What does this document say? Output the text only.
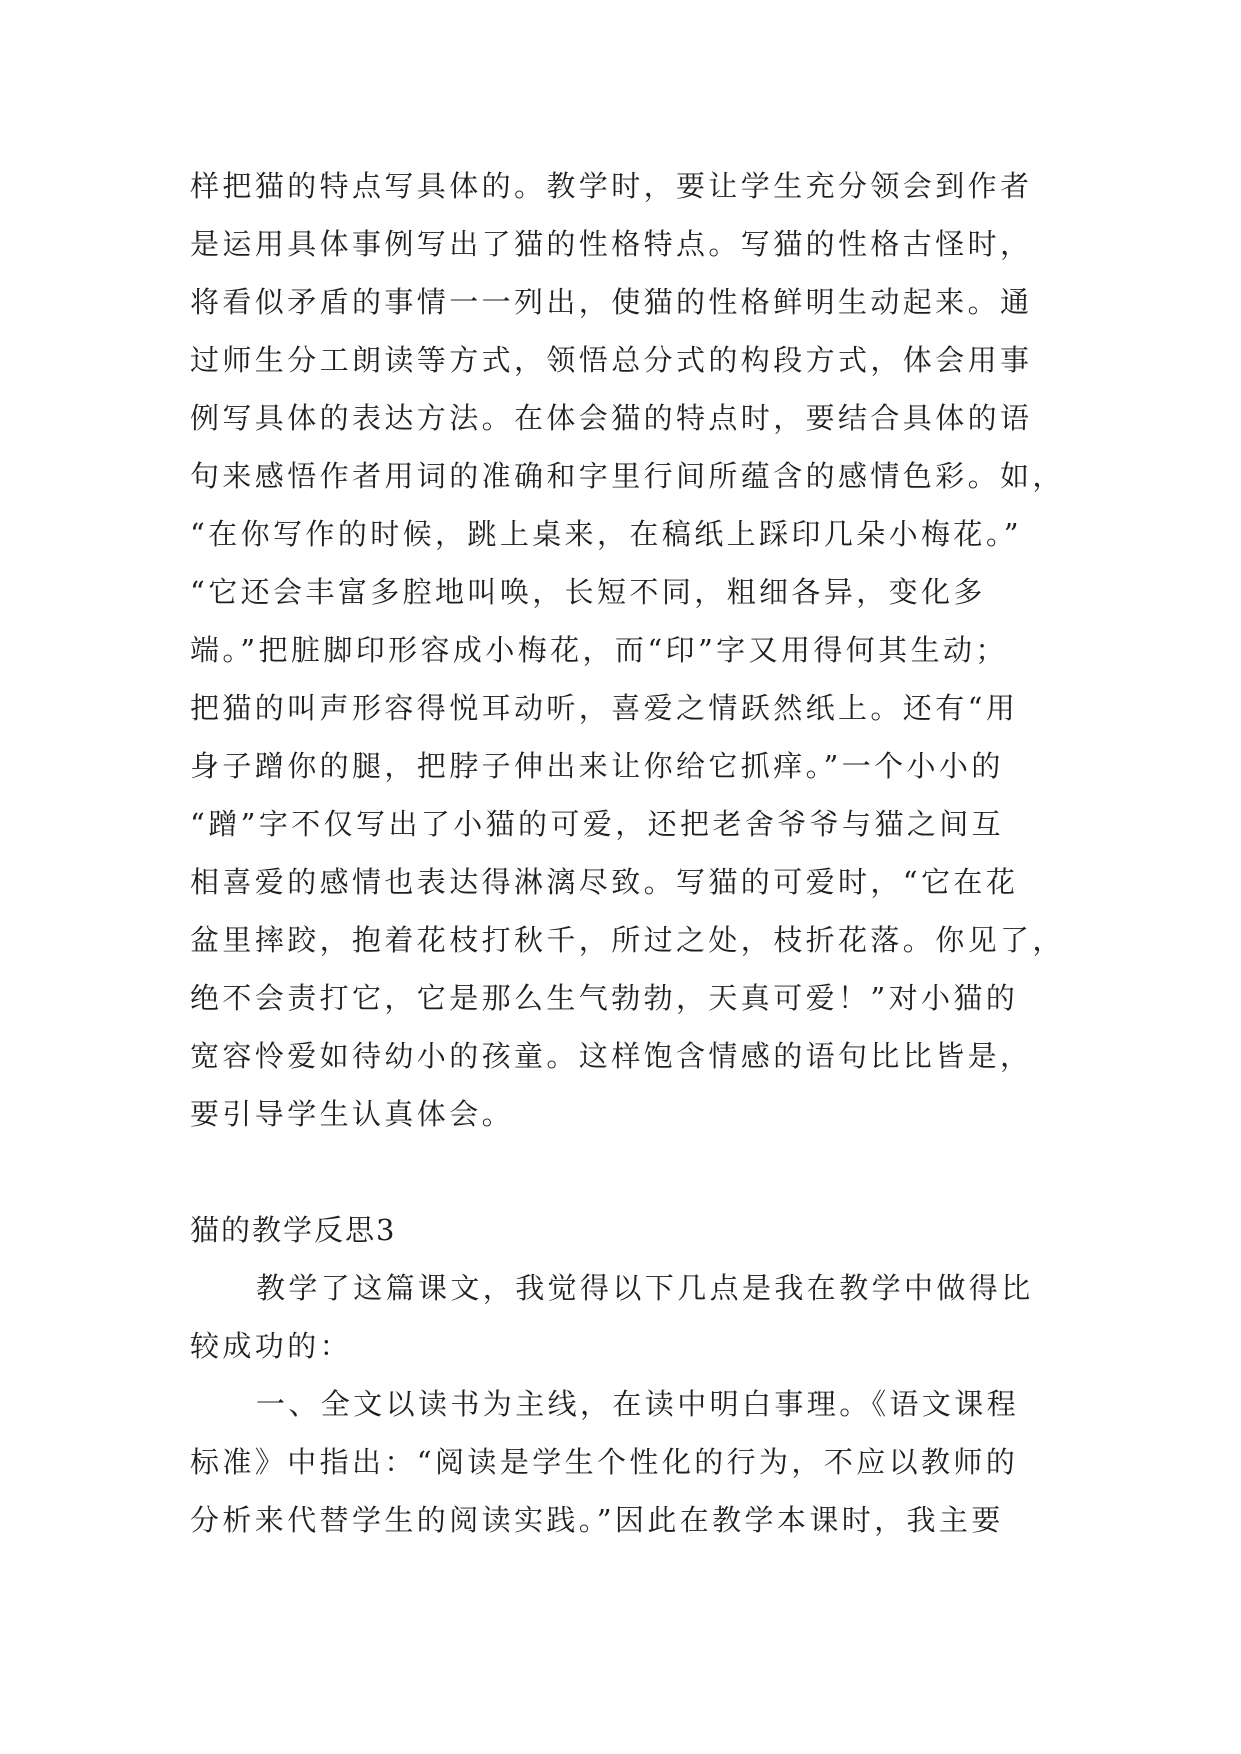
样把猫的特点写具体的。教学时，要让学生充分领会到作者
是运用具体事例写出了猫的性格特点。写猫的性格古怪时，
将看似矛盾的事情一一列出，使猫的性格鲜明生动起来。通
过师生分工朗读等方式，领悟总分式的构段方式，体会用事
例写具体的表达方法。在体会猫的特点时，要结合具体的语
句来感悟作者用词的准确和字里行间所蕴含的感情色彩。如，
“在你写作的时候，跳上桌来，在稿纸上踩印几朵小梅花。”
“它还会丰富多腔地叫唤，长短不同，粗细各异，变化多
端。”把脏脚印形容成小梅花，而“印”字又用得何其生动；
把猫的叫声形容得悦耳动听，喜爱之情跃然纸上。还有“用
身子蹭你的腿，把脖子伸出来让你给它抓痒。”一个小小的
“蹭”字不仅写出了小猫的可爱，还把老舍爷爷与猫之间互
相喜爱的感情也表达得淋漓尽致。写猫的可爱时，“它在花
盆里摔跤，抱着花枝打秋千，所过之处，枝折花落。你见了，
绝不会责打它，它是那么生气勃勃，天真可爱！”对小猫的
宽容怜爱如待幼小的孩童。这样饱含情感的语句比比皆是，
要引导学生认真体会。
猫的教学反思3
教学了这篇课文，我觉得以下几点是我在教学中做得比
较成功的：
一、全文以读书为主线，在读中明白事理。《语文课程
标准》中指出：“阅读是学生个性化的行为，不应以教师的
分析来代替学生的阅读实践。”因此在教学本课时，我主要
